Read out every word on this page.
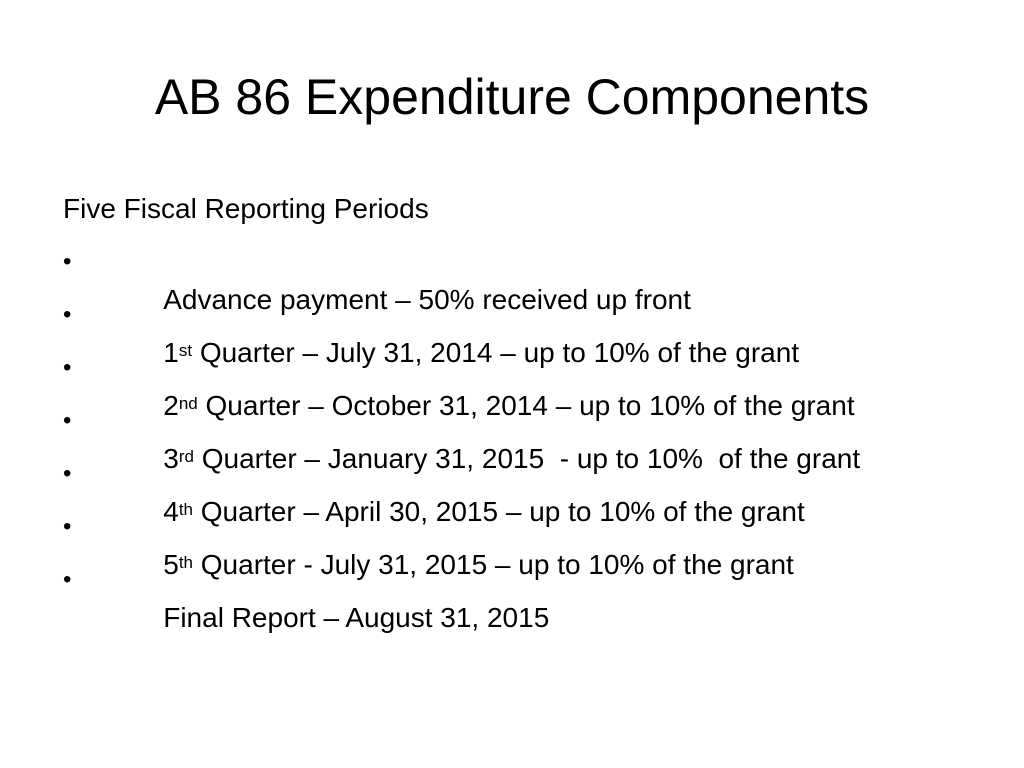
AB 86 Expenditure Components

Five Fiscal Reporting Periods

•
Advance payment – 50% received up front

•
1st Quarter – July 31, 2014 – up to 10% of the grant

•
2nd Quarter – October 31, 2014 – up to 10% of the grant

•
3rd Quarter – January 31, 2015  - up to 10%  of the grant

•
4th Quarter – April 30, 2015 – up to 10% of the grant

•
5th Quarter - July 31, 2015 – up to 10% of the grant

•
Final Report – August 31, 2015
